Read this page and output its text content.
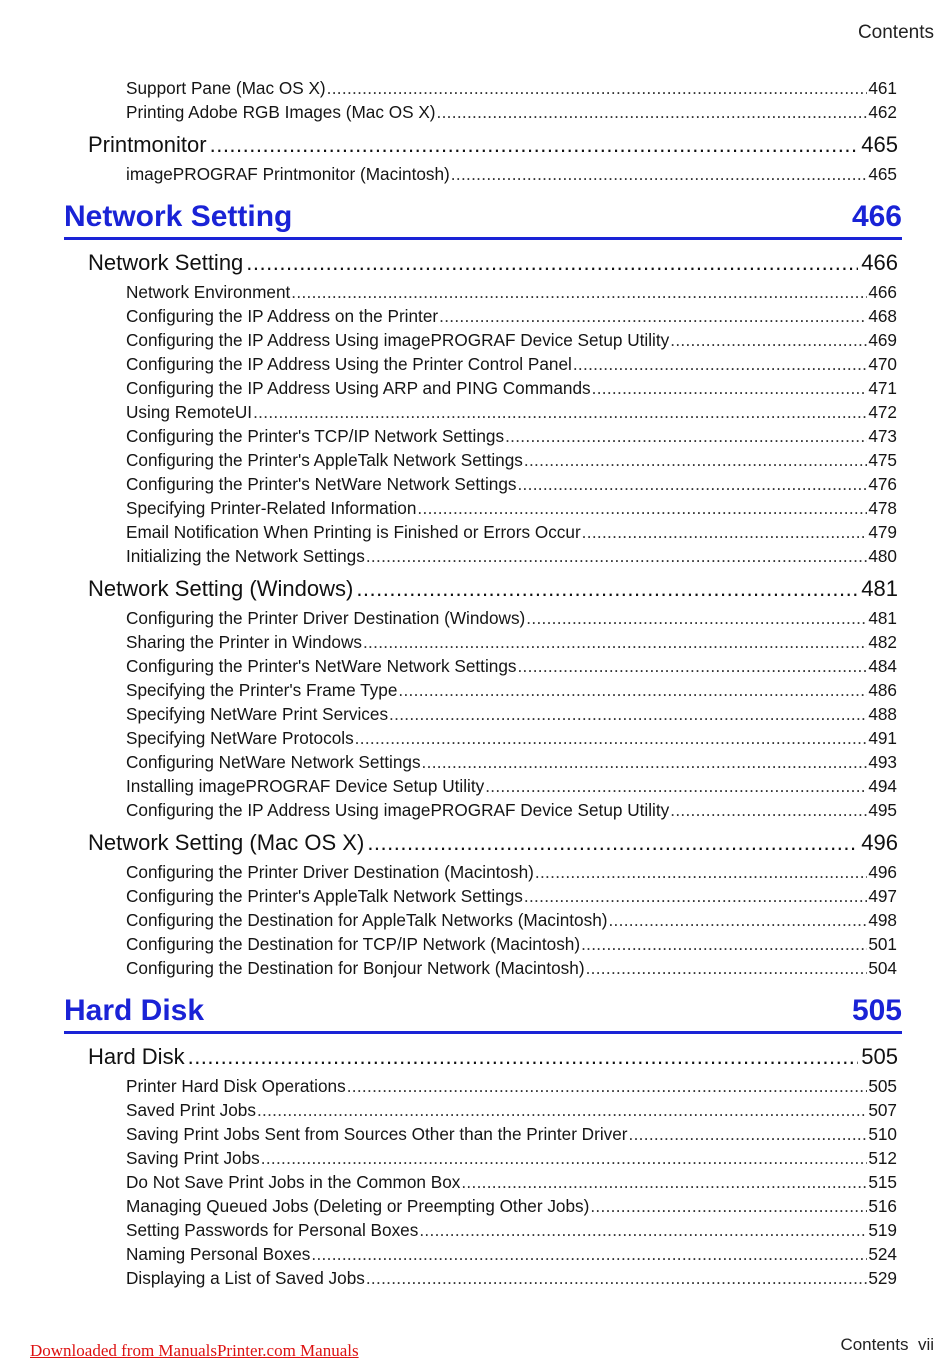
Contents
Support Pane (Mac OS X) .....	461
Printing Adobe RGB Images (Mac OS X) .....	462
Printmonitor .....	465
imagePROGRAF Printmonitor (Macintosh) .....	465
Network Setting	466
Network Setting .....	466
Network Environment .....	466
Configuring the IP Address on the Printer .....	468
Configuring the IP Address Using imagePROGRAF Device Setup Utility .....	469
Configuring the IP Address Using the Printer Control Panel .....	470
Configuring the IP Address Using ARP and PING Commands .....	471
Using RemoteUI .....	472
Configuring the Printer's TCP/IP Network Settings .....	473
Configuring the Printer's AppleTalk Network Settings .....	475
Configuring the Printer's NetWare Network Settings .....	476
Specifying Printer-Related Information .....	478
Email Notification When Printing is Finished or Errors Occur .....	479
Initializing the Network Settings .....	480
Network Setting (Windows) .....	481
Configuring the Printer Driver Destination (Windows) .....	481
Sharing the Printer in Windows .....	482
Configuring the Printer's NetWare Network Settings .....	484
Specifying the Printer's Frame Type .....	486
Specifying NetWare Print Services .....	488
Specifying NetWare Protocols .....	491
Configuring NetWare Network Settings .....	493
Installing imagePROGRAF Device Setup Utility .....	494
Configuring the IP Address Using imagePROGRAF Device Setup Utility .....	495
Network Setting (Mac OS X) .....	496
Configuring the Printer Driver Destination (Macintosh) .....	496
Configuring the Printer's AppleTalk Network Settings .....	497
Configuring the Destination for AppleTalk Networks (Macintosh) .....	498
Configuring the Destination for TCP/IP Network (Macintosh) .....	501
Configuring the Destination for Bonjour Network (Macintosh) .....	504
Hard Disk	505
Hard Disk .....	505
Printer Hard Disk Operations .....	505
Saved Print Jobs .....	507
Saving Print Jobs Sent from Sources Other than the Printer Driver .....	510
Saving Print Jobs .....	512
Do Not Save Print Jobs in the Common Box .....	515
Managing Queued Jobs (Deleting or Preempting Other Jobs) .....	516
Setting Passwords for Personal Boxes .....	519
Naming Personal Boxes .....	524
Displaying a List of Saved Jobs .....	529
Contents vii
Downloaded from ManualsPrinter.com Manuals
